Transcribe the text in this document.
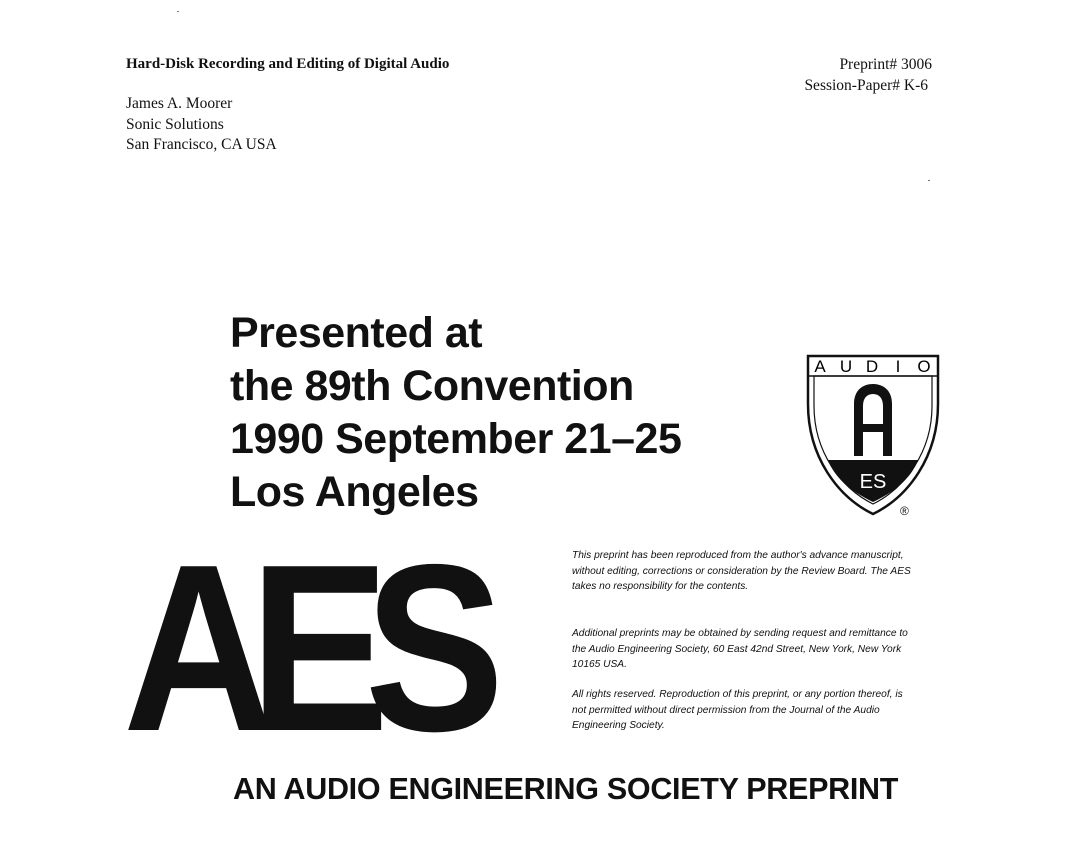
Hard-Disk Recording and Editing of Digital Audio
James A. Moorer
Sonic Solutions
San Francisco, CA USA
Preprint# 3006
Session-Paper# K-6
Presented at
the 89th Convention
1990 September 21–25
Los Angeles
A U D I O
ES
®
AES	This preprint has been reproduced from the author's advance manuscript, without editing, corrections or consideration by the Review Board. The AES takes no responsibility for the contents.
Additional preprints may be obtained by sending request and remittance to the Audio Engineering Society, 60 East 42nd Street, New York, New York 10165 USA.
All rights reserved. Reproduction of this preprint, or any portion thereof, is not permitted without direct permission from the Journal of the Audio Engineering Society.
AN AUDIO ENGINEERING SOCIETY PREPRINT
